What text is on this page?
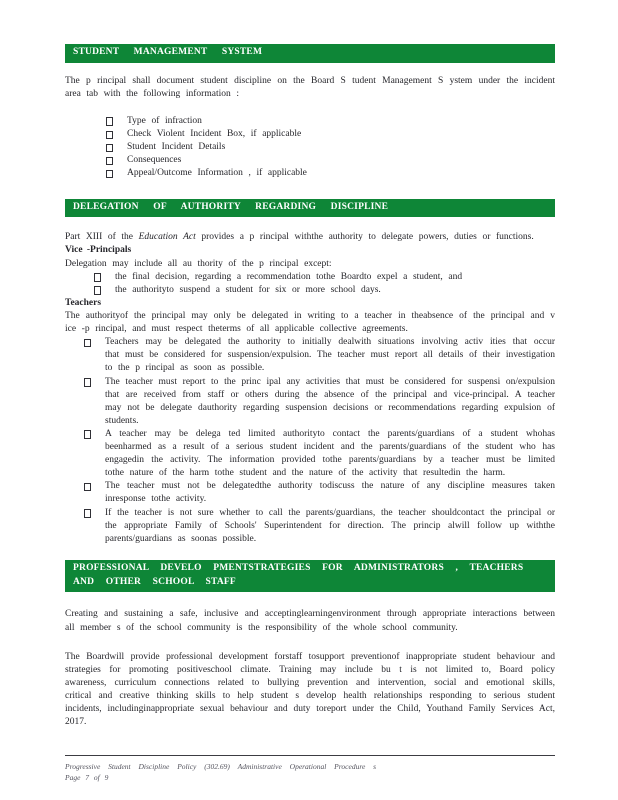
STUDENT MANAGEMENT SYSTEM

The p rincipal shall document student discipline on the Board S tudent Management S ystem under the incident area tab with the following information :

Type of infraction
Check Violent Incident Box, if applicable
Student Incident Details
Consequences
Appeal/Outcome Information , if applicable
DELEGATION OF AUTHORITY REGARDING DISCIPLINE

Part XIII of the Education Act provides a p rincipal withthe authority to delegate powers, duties or functions.

Vice -Principals

Delegation may include all au thority of the p rincipal except:

the final decision, regarding a recommendation tothe Boardto expel a student, and
the authorityto suspend a student for six or more school days.

Teachers

The authorityof the principal may only be delegated in writing to a teacher in theabsence of the principal and v ice -p rincipal, and must respect theterms of all applicable collective agreements.

Teachers may be delegated the authority to initially dealwith situations involving activ ities that occur that must be considered for suspension/expulsion. The teacher must report all details of their investigation to the p rincipal as soon as possible.
The teacher must report to the princ ipal any activities that must be considered for suspensi on/expulsion that are received from staff or others during the absence of the principal and vice-principal. A teacher may not be delegate dauthority regarding suspension decisions or recommendations regarding expulsion of students.
A teacher may be delega ted limited authorityto contact the parents/guardians of a student whohas beenharmed as a result of a serious student incident and the parents/guardians of the student who has engagedin the activity. The information provided tothe parents/guardians by a teacher must be limited tothe nature of the harm tothe student and the nature of the activity that resultedin the harm.
The teacher must not be delegatedthe authority todiscuss the nature of any discipline measures taken inresponse tothe activity.
If the teacher is not sure whether to call the parents/guardians, the teacher shouldcontact the principal or the appropriate Family of Schools' Superintendent for direction. The princip alwill follow up withthe parents/guardians as soonas possible.
PROFESSIONAL DEVELO PMENTSTRATEGIES FOR ADMINISTRATORS , TEACHERS AND OTHER SCHOOL STAFF

Creating and sustaining a safe, inclusive and acceptinglearningenvironment through appropriate interactions between all member s of the school community is the responsibility of the whole school community.

The Boardwill provide professional development forstaff tosupport preventionof inappropriate student behaviour and strategies for promoting positiveschool climate. Training may include bu t is not limited to, Board policy awareness, curriculum connections related to bullying prevention and intervention, social and emotional skills, critical and creative thinking skills to help student s develop health relationships responding to serious student incidents, includinginappropriate sexual behaviour and duty toreport under the Child, Youthand Family Services Act, 2017.

Progressive Student Discipline Policy (302.69) Administrative Operational Procedure s
Page 7 of 9
